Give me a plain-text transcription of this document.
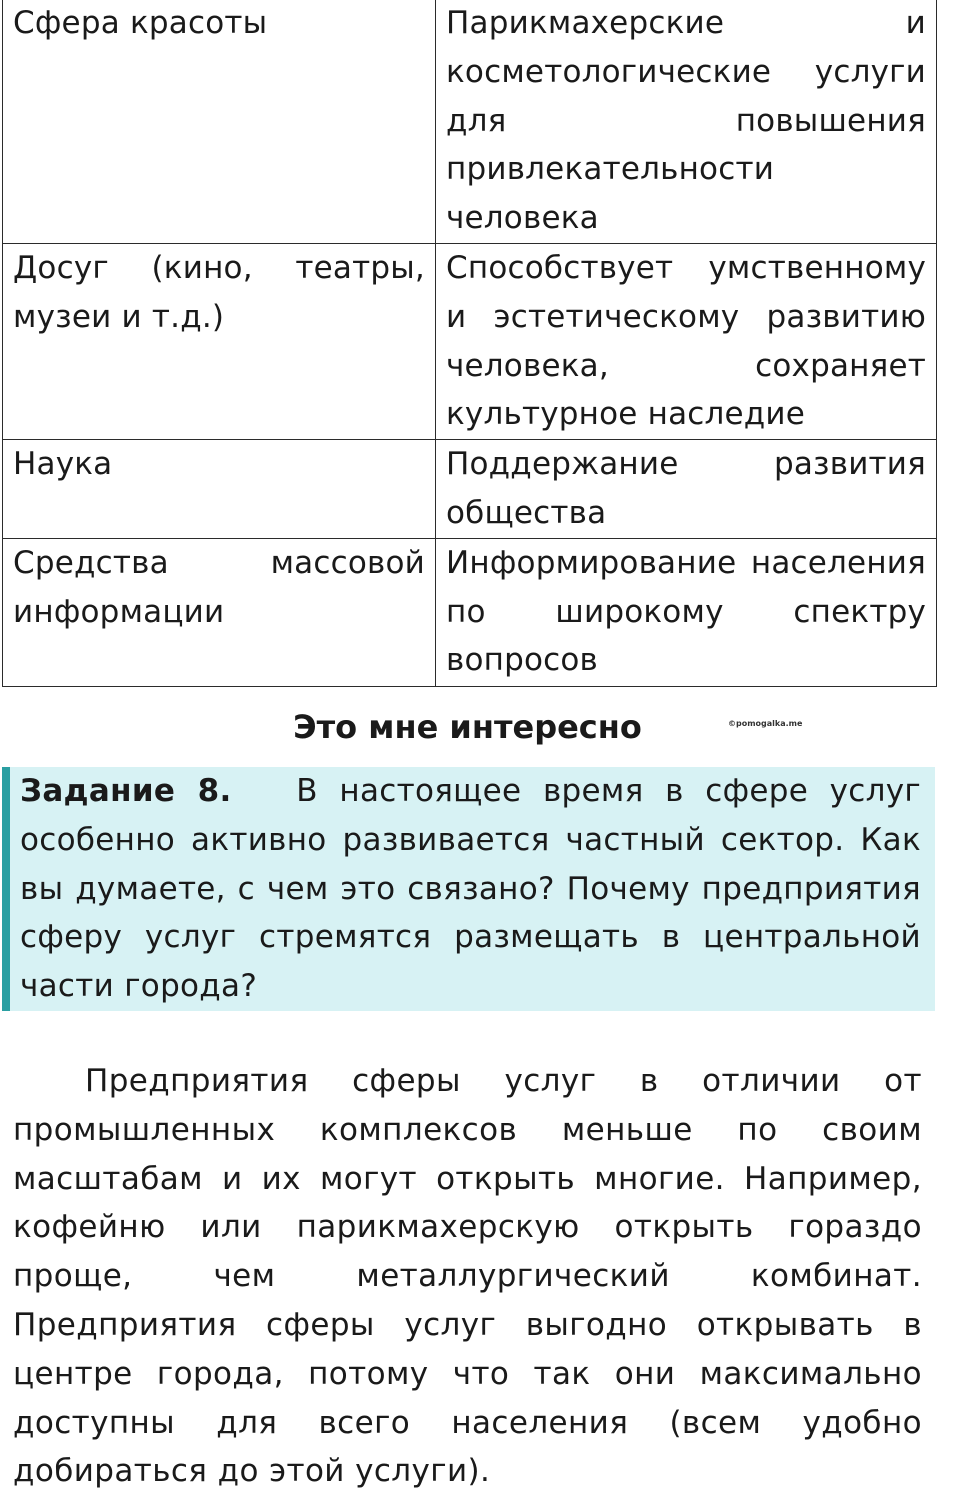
Сфера красоты	Парикмахерские и косметологические услуги для повышения привлекательности человека
Досуг (кино, театры, музеи и т.д.)	Способствует умственному и эстетическому развитию человека, сохраняет культурное наследие
Наука	Поддержание развития общества
Средства массовой информации	Информирование населения по широкому спектру вопросов
Это мне интересно	©pomogalka.me

Задание 8. В настоящее время в сфере услуг особенно активно развивается частный сектор. Как вы думаете, с чем это связано? Почему предприятия сферу услуг стремятся размещать в центральной части города?

Предприятия сферы услуг в отличии от промышленных комплексов меньше по своим масштабам и их могут открыть многие. Например, кофейню или парикмахерскую открыть гораздо проще, чем металлургический комбинат. Предприятия сферы услуг выгодно открывать в центре города, потому что так они максимально доступны для всего населения (всем удобно добираться до этой услуги).
